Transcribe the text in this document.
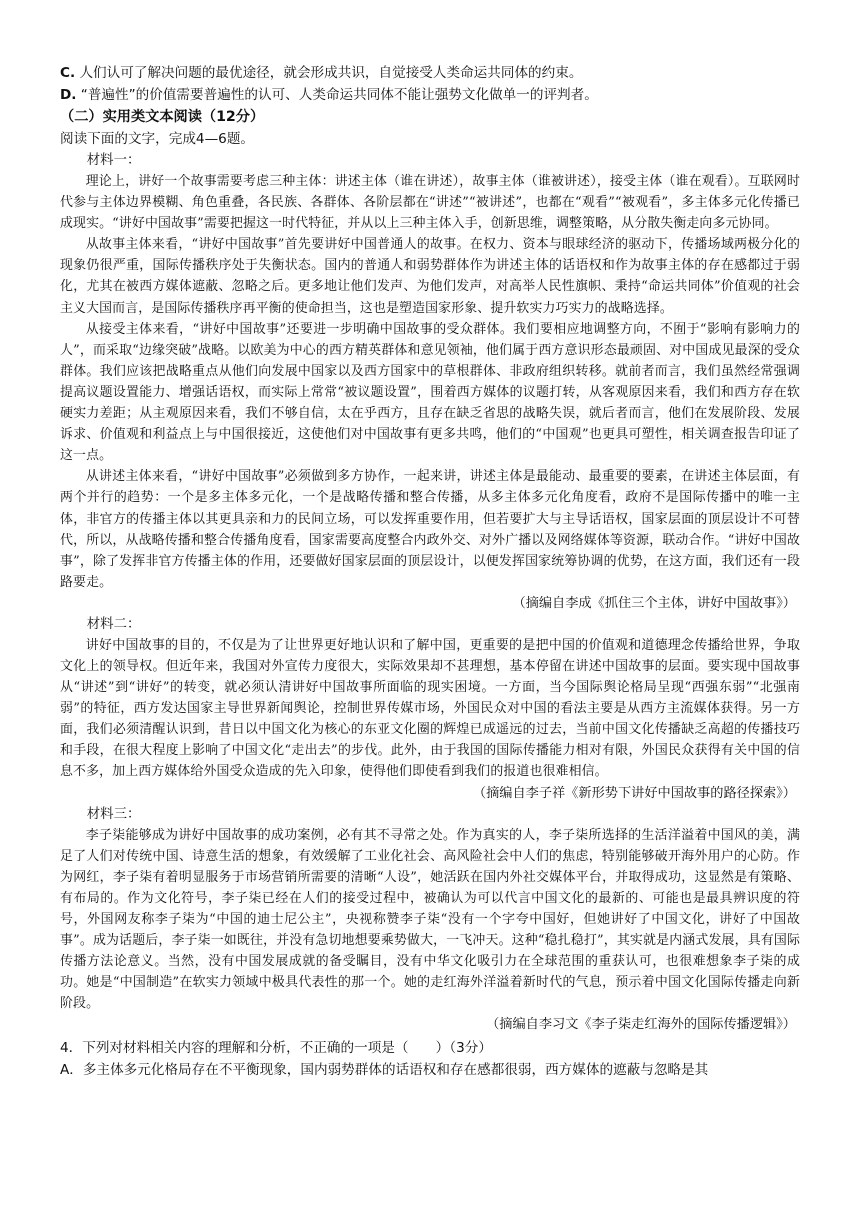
C. 人们认可了解决问题的最优途径，就会形成共识，自觉接受人类命运共同体的约束。

D. “普遍性”的价值需要普遍性的认可、人类命运共同体不能让强势文化做单一的评判者。

（二）实用类文本阅读（12分）

阅读下面的文字，完成4—6题。

材料一：

理论上，讲好一个故事需要考虑三种主体：讲述主体（谁在讲述），故事主体（谁被讲述），接受主体（谁在观看）。互联网时代参与主体边界模糊、角色重叠，各民族、各群体、各阶层都在“讲述”“被讲述”，也都在“观看”“被观看”，多主体多元化传播已成现实。“讲好中国故事”需要把握这一时代特征，并从以上三种主体入手，创新思维，调整策略，从分散失衡走向多元协同。

从故事主体来看，“讲好中国故事”首先要讲好中国普通人的故事。在权力、资本与眼球经济的驱动下，传播场域两极分化的现象仍很严重，国际传播秩序处于失衡状态。国内的普通人和弱势群体作为讲述主体的话语权和作为故事主体的存在感都过于弱化，尤其在被西方媒体遮蔽、忽略之后。更多地让他们发声、为他们发声，对高举人民性旗帜、秉持“命运共同体”价值观的社会主义大国而言，是国际传播秩序再平衡的使命担当，这也是塑造国家形象、提升软实力巧实力的战略选择。

从接受主体来看，“讲好中国故事”还要进一步明确中国故事的受众群体。我们要相应地调整方向，不囿于“影响有影响力的人”，而采取“边缘突破”战略。以欧美为中心的西方精英群体和意见领袖，他们属于西方意识形态最顽固、对中国成见最深的受众群体。我们应该把战略重点从他们向发展中国家以及西方国家中的草根群体、非政府组织转移。就前者而言，我们虽然经常强调提高议题设置能力、增强话语权，而实际上常常“被议题设置”，围着西方媒体的议题打转，从客观原因来看，我们和西方存在软硬实力差距；从主观原因来看，我们不够自信，太在乎西方，且存在缺乏省思的战略失误，就后者而言，他们在发展阶段、发展诉求、价值观和利益点上与中国很接近，这使他们对中国故事有更多共鸣，他们的“中国观”也更具可塑性，相关调查报告印证了这一点。

从讲述主体来看，“讲好中国故事”必须做到多方协作，一起来讲，讲述主体是最能动、最重要的要素，在讲述主体层面，有两个并行的趋势：一个是多主体多元化，一个是战略传播和整合传播，从多主体多元化角度看，政府不是国际传播中的唯一主体，非官方的传播主体以其更具亲和力的民间立场，可以发挥重要作用，但若要扩大与主导话语权，国家层面的顶层设计不可替代，所以，从战略传播和整合传播角度看，国家需要高度整合内政外交、对外广播以及网络媒体等资源，联动合作。“讲好中国故事”，除了发挥非官方传播主体的作用，还要做好国家层面的顶层设计，以便发挥国家统筹协调的优势，在这方面，我们还有一段路要走。

（摘编自李成《抓住三个主体，讲好中国故事》）

材料二：

讲好中国故事的目的，不仅是为了让世界更好地认识和了解中国，更重要的是把中国的价值观和道德理念传播给世界，争取文化上的领导权。但近年来，我国对外宣传力度很大，实际效果却不甚理想，基本停留在讲述中国故事的层面。要实现中国故事从“讲述”到“讲好”的转变，就必须认清讲好中国故事所面临的现实困境。一方面，当今国际舆论格局呈现“西强东弱”“北强南弱”的特征，西方发达国家主导世界新闻舆论，控制世界传媒市场，外国民众对中国的看法主要是从西方主流媒体获得。另一方面，我们必须清醒认识到，昔日以中国文化为核心的东亚文化圈的辉煌已成遥远的过去，当前中国文化传播缺乏高超的传播技巧和手段，在很大程度上影响了中国文化“走出去”的步伐。此外，由于我国的国际传播能力相对有限，外国民众获得有关中国的信息不多，加上西方媒体给外国受众造成的先入印象，使得他们即使看到我们的报道也很难相信。

（摘编自李子祥《新形势下讲好中国故事的路径探索》）

材料三：

李子柒能够成为讲好中国故事的成功案例，必有其不寻常之处。作为真实的人，李子柒所选择的生活洋溢着中国风的美，满足了人们对传统中国、诗意生活的想象，有效缓解了工业化社会、高风险社会中人们的焦虑，特别能够破开海外用户的心防。作为网红，李子柒有着明显服务于市场营销所需要的清晰“人设”，她活跃在国内外社交媒体平台，并取得成功，这显然是有策略、有布局的。作为文化符号，李子柒已经在人们的接受过程中，被确认为可以代言中国文化的最新的、可能也是最具辨识度的符号，外国网友称李子柒为“中国的迪士尼公主”，央视称赞李子柒“没有一个字夸中国好，但她讲好了中国文化，讲好了中国故事”。成为话题后，李子柒一如既往，并没有急切地想要乘势做大，一飞冲天。这种“稳扎稳打”，其实就是内涵式发展，具有国际传播方法论意义。当然，没有中国发展成就的备受瞩目，没有中华文化吸引力在全球范围的重获认可，也很难想象李子柒的成功。她是“中国制造”在软实力领域中极具代表性的那一个。她的走红海外洋溢着新时代的气息，预示着中国文化国际传播走向新阶段。

（摘编自李习文《李子柒走红海外的国际传播逻辑》）

4．下列对材料相关内容的理解和分析，不正确的一项是（　　）（3分）

A．多主体多元化格局存在不平衡现象，国内弱势群体的话语权和存在感都很弱，西方媒体的遮蔽与忽略是其
